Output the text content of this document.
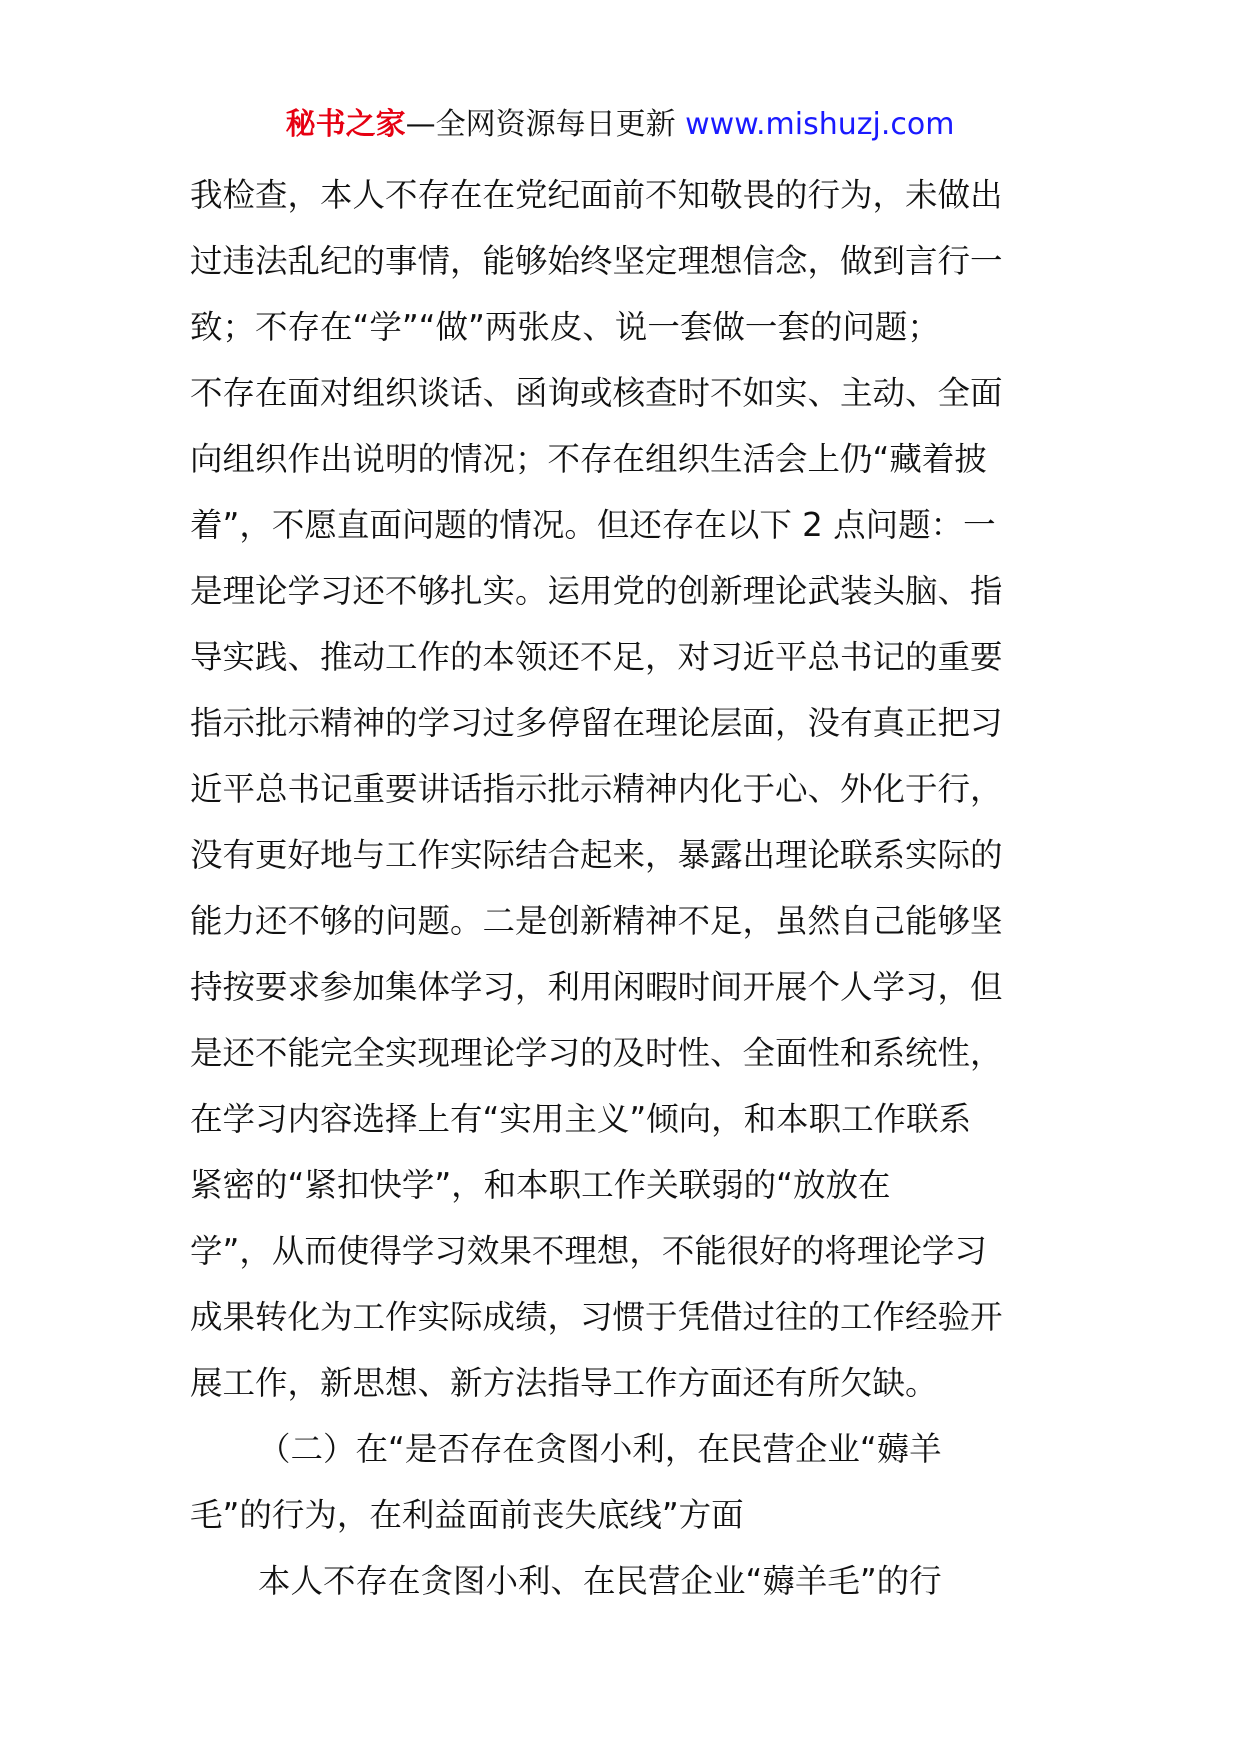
秘书之家—全网资源每日更新 www.mishuzj.com
我检查，本人不存在在党纪面前不知敬畏的行为，未做出
过违法乱纪的事情，能够始终坚定理想信念，做到言行一
致；不存在“学”“做”两张皮、说一套做一套的问题；
不存在面对组织谈话、函询或核查时不如实、主动、全面
向组织作出说明的情况；不存在组织生活会上仍“藏着披
着”，不愿直面问题的情况。但还存在以下 2 点问题：一
是理论学习还不够扎实。运用党的创新理论武装头脑、指
导实践、推动工作的本领还不足，对习近平总书记的重要
指示批示精神的学习过多停留在理论层面，没有真正把习
近平总书记重要讲话指示批示精神内化于心、外化于行，
没有更好地与工作实际结合起来，暴露出理论联系实际的
能力还不够的问题。二是创新精神不足，虽然自己能够坚
持按要求参加集体学习，利用闲暇时间开展个人学习，但
是还不能完全实现理论学习的及时性、全面性和系统性，
在学习内容选择上有“实用主义”倾向，和本职工作联系
紧密的“紧扣快学”，和本职工作关联弱的“放放在
学”，从而使得学习效果不理想，不能很好的将理论学习
成果转化为工作实际成绩，习惯于凭借过往的工作经验开
展工作，新思想、新方法指导工作方面还有所欠缺。
（二）在“是否存在贪图小利，在民营企业“薅羊
毛”的行为，在利益面前丧失底线”方面
本人不存在贪图小利、在民营企业“薅羊毛”的行
